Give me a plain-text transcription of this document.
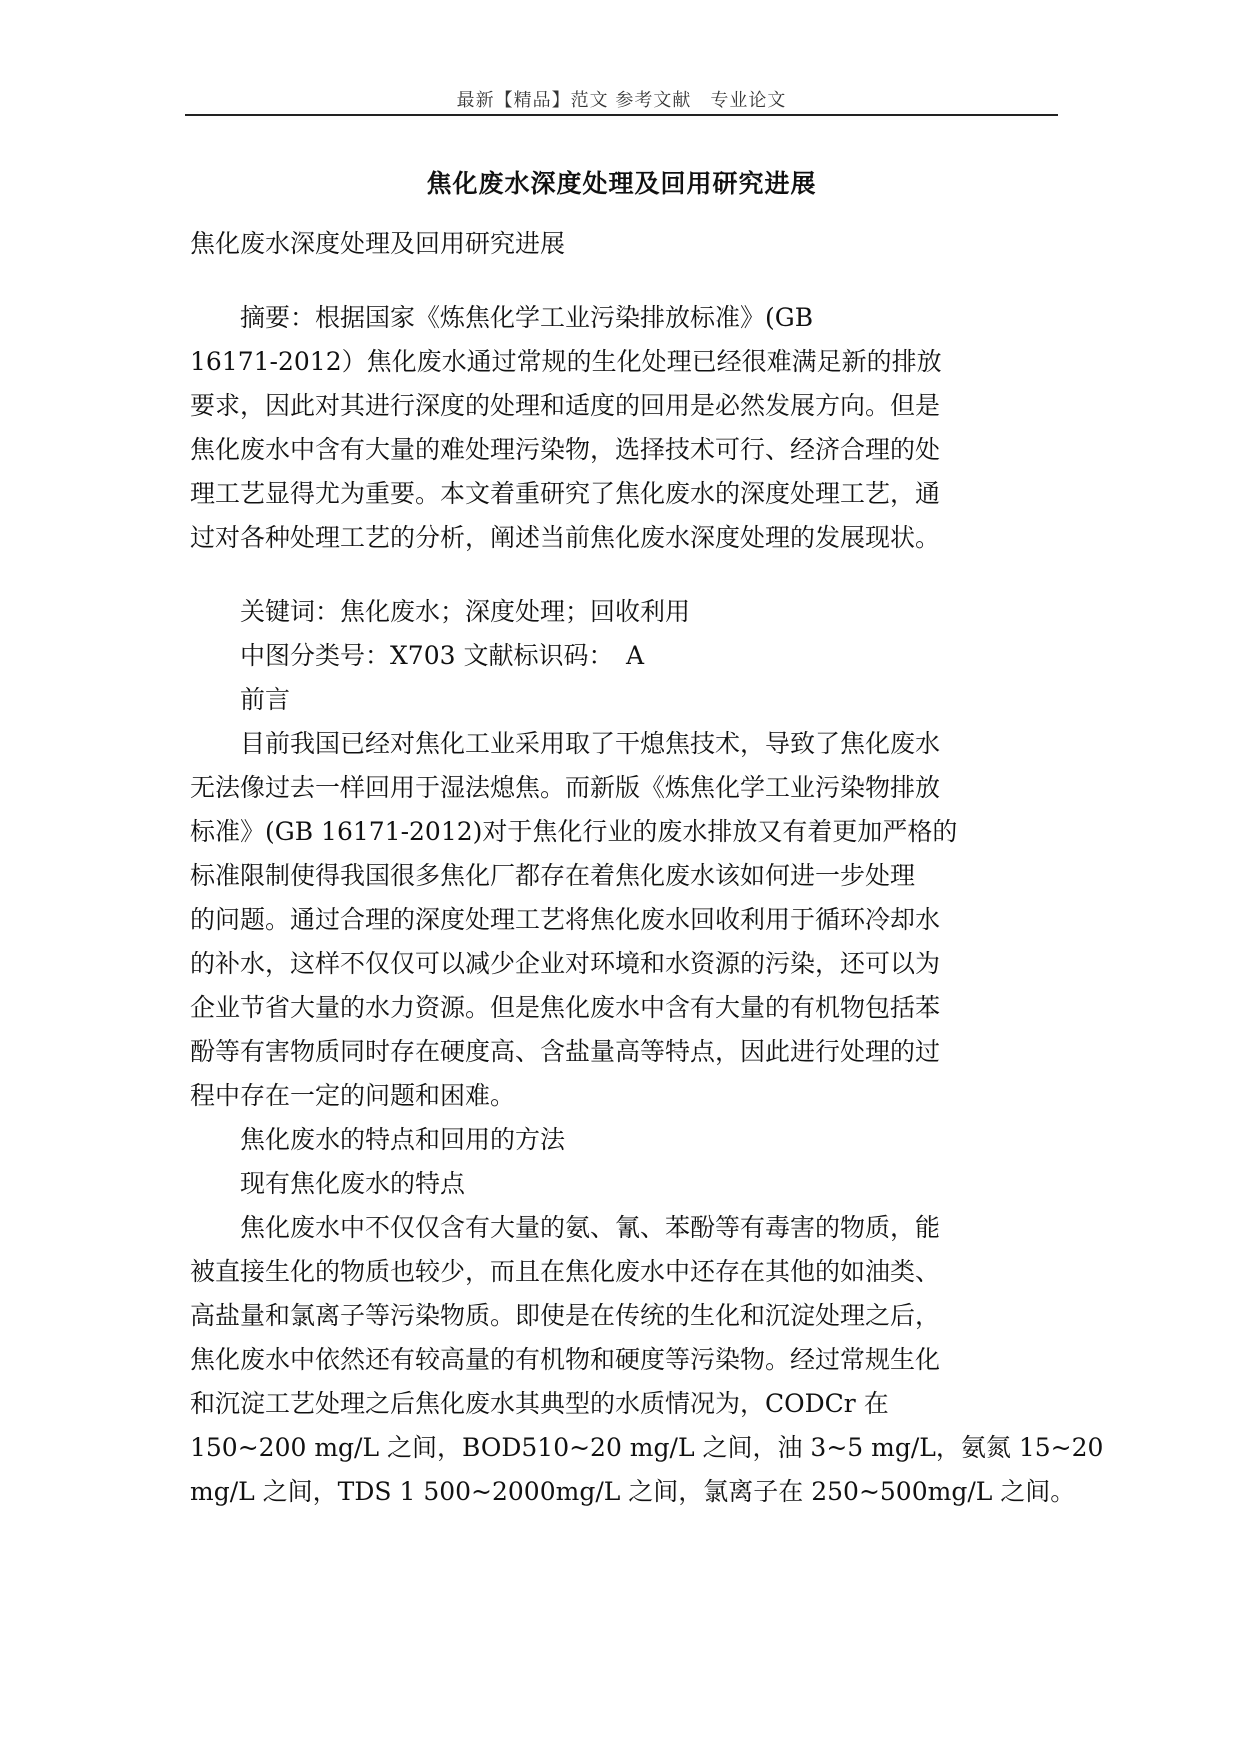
最新【精品】范文 参考文献　专业论文
焦化废水深度处理及回用研究进展
焦化废水深度处理及回用研究进展
　　摘要：根据国家《炼焦化学工业污染排放标准》(GB
16171-2012）焦化废水通过常规的生化处理已经很难满足新的排放
要求，因此对其进行深度的处理和适度的回用是必然发展方向。但是
焦化废水中含有大量的难处理污染物，选择技术可行、经济合理的处
理工艺显得尤为重要。本文着重研究了焦化废水的深度处理工艺，通
过对各种处理工艺的分析，阐述当前焦化废水深度处理的发展现状。
　　关键词：焦化废水；深度处理；回收利用
　　中图分类号：X703 文献标识码：　A
　　前言
　　目前我国已经对焦化工业采用取了干熄焦技术，导致了焦化废水
无法像过去一样回用于湿法熄焦。而新版《炼焦化学工业污染物排放
标准》(GB 16171-2012)对于焦化行业的废水排放又有着更加严格的
标准限制使得我国很多焦化厂都存在着焦化废水该如何进一步处理
的问题。通过合理的深度处理工艺将焦化废水回收利用于循环冷却水
的补水，这样不仅仅可以减少企业对环境和水资源的污染，还可以为
企业节省大量的水力资源。但是焦化废水中含有大量的有机物包括苯
酚等有害物质同时存在硬度高、含盐量高等特点，因此进行处理的过
程中存在一定的问题和困难。
　　焦化废水的特点和回用的方法
　　现有焦化废水的特点
　　焦化废水中不仅仅含有大量的氨、氰、苯酚等有毒害的物质，能
被直接生化的物质也较少，而且在焦化废水中还存在其他的如油类、
高盐量和氯离子等污染物质。即使是在传统的生化和沉淀处理之后，
焦化废水中依然还有较高量的有机物和硬度等污染物。经过常规生化
和沉淀工艺处理之后焦化废水其典型的水质情况为，CODCr 在
150~200 mg/L 之间，BOD510~20 mg/L 之间，油 3~5 mg/L，氨氮 15~20
mg/L 之间，TDS 1 500~2000mg/L 之间，氯离子在 250~500mg/L 之间。
